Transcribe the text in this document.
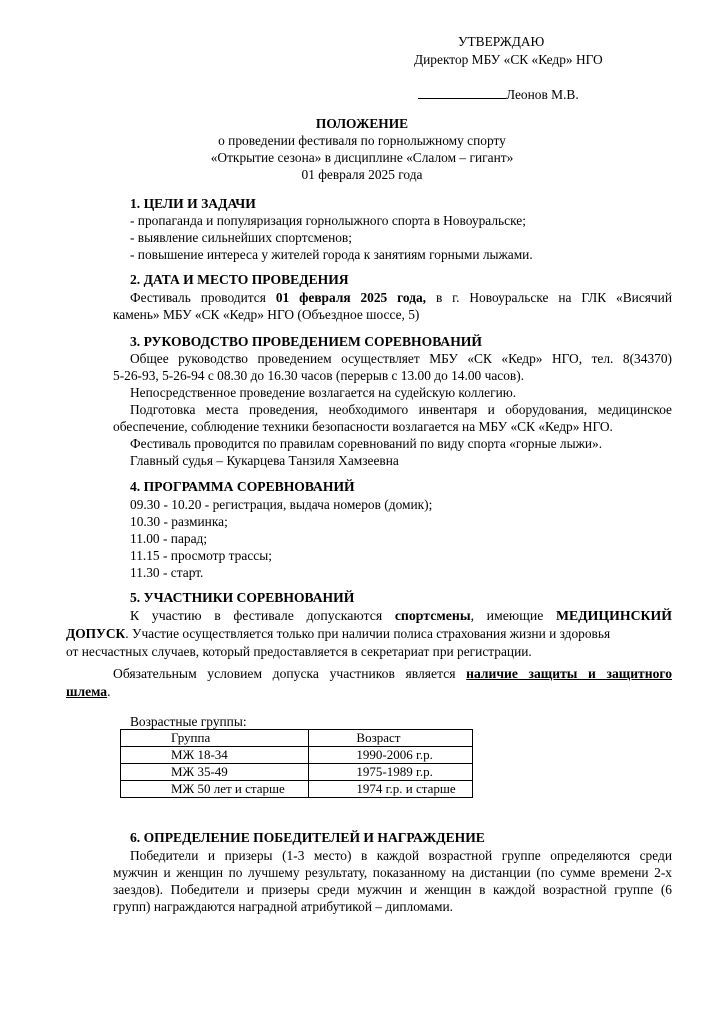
УТВЕРЖДАЮ
Директор МБУ «СК «Кедр» НГО
Леонов М.В.
ПОЛОЖЕНИЕ
о проведении фестиваля по горнолыжному спорту
«Открытие сезона» в дисциплине «Слалом – гигант»
01 февраля 2025 года
1. ЦЕЛИ И ЗАДАЧИ
- пропаганда и популяризация горнолыжного спорта в Новоуральске;
- выявление сильнейших спортсменов;
- повышение интереса у жителей города к занятиям горными лыжами.
2. ДАТА И МЕСТО ПРОВЕДЕНИЯ
Фестиваль проводится 01 февраля 2025 года, в г. Новоуральске на ГЛК «Висячий
камень» МБУ «СК «Кедр» НГО (Объездное шоссе, 5)
3. РУКОВОДСТВО ПРОВЕДЕНИЕМ СОРЕВНОВАНИЙ
Общее руководство проведением осуществляет МБУ «СК «Кедр» НГО, тел. 8(34370)
5-26-93, 5-26-94 с 08.30 до 16.30 часов (перерыв с 13.00 до 14.00 часов).
Непосредственное проведение возлагается на судейскую коллегию.
Подготовка места проведения, необходимого инвентаря и оборудования, медицинское
обеспечение, соблюдение техники безопасности возлагается на МБУ «СК «Кедр» НГО.
Фестиваль проводится по правилам соревнований по виду спорта «горные лыжи».
Главный судья – Кукарцева Танзиля Хамзеевна
4. ПРОГРАММА СОРЕВНОВАНИЙ
09.30 - 10.20 - регистрация, выдача номеров (домик);
10.30 - разминка;
11.00 - парад;
11.15 - просмотр трассы;
11.30 - старт.
5. УЧАСТНИКИ СОРЕВНОВАНИЙ
К участию в фестивале допускаются спортсмены, имеющие МЕДИЦИНСКИЙ
ДОПУСК. Участие осуществляется только при наличии полиса страхования жизни и здоровья
от несчастных случаев, который предоставляется в секретариат при регистрации.
Обязательным условием допуска участников является наличие защиты и защитного
шлема.
Возрастные группы:
Группа	Возраст
МЖ 18-34	1990-2006 г.р.
МЖ 35-49	1975-1989 г.р.
МЖ 50 лет и старше	1974 г.р. и старше
6. ОПРЕДЕЛЕНИЕ ПОБЕДИТЕЛЕЙ И НАГРАЖДЕНИЕ
Победители и призеры (1-3 место) в каждой возрастной группе определяются среди
мужчин и женщин по лучшему результату, показанному на дистанции (по сумме времени 2-х
заездов). Победители и призеры среди мужчин и женщин в каждой возрастной группе (6
групп) награждаются наградной атрибутикой – дипломами.
